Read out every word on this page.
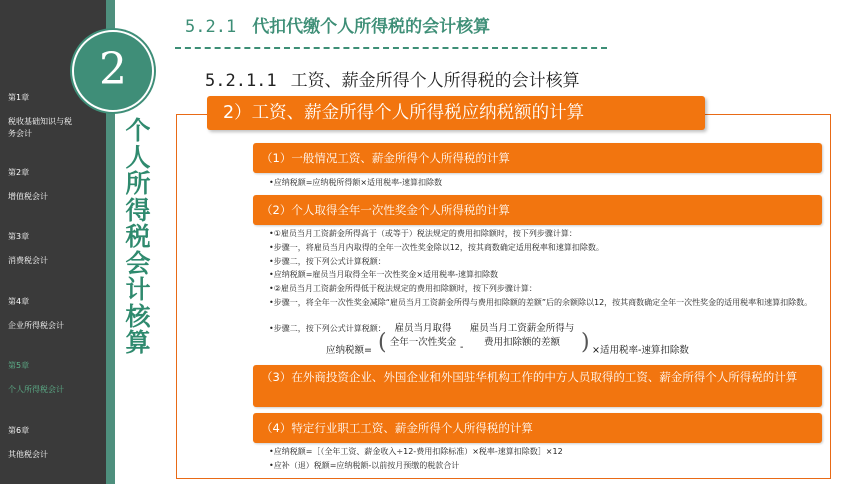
第1章
税收基础知识与税务会计
第2章
增值税会计
第3章
消费税会计
第4章
企业所得税会计
第5章
个人所得税会计
第6章
其他税会计
2
个人所得税会计核算
5.2.1 代扣代缴个人所得税的会计核算
5.2.1.1 工资、薪金所得个人所得税的会计核算
2）工资、薪金所得个人所得税应纳税额的计算
（1）一般情况工资、薪金所得个人所得税的计算
•应纳税额=应纳税所得额×适用税率-速算扣除数
（2）个人取得全年一次性奖金个人所得税的计算
•①雇员当月工资薪金所得高于（或等于）税法规定的费用扣除额时，按下列步骤计算：
•步骤一，将雇员当月内取得的全年一次性奖金除以12，按其商数确定适用税率和速算扣除数。
•步骤二，按下列公式计算税额：
•应纳税额=雇员当月取得全年一次性奖金×适用税率-速算扣除数
•②雇员当月工资薪金所得低于税法规定的费用扣除额时，按下列步骤计算：
•步骤一，将全年一次性奖金减除“雇员当月工资薪金所得与费用扣除额的差额”后的余额除以12，按其商数确定全年一次性奖金的适用税率和速算扣除数。
•步骤二，按下列公式计算税额：
应纳税额= (
雇员当月取得
全年一次性奖金 -
雇员当月工资薪金所得与
费用扣除额的差额 ) ×适用税率-速算扣除数
（3）在外商投资企业、外国企业和外国驻华机构工作的中方人员取得的工资、薪金所得个人所得税的计算
（4）特定行业职工工资、薪金所得个人所得税的计算
•应纳税额=［（全年工资、薪金收入÷12-费用扣除标准）×税率-速算扣除数］×12
•应补（退）税额=应纳税额-以前按月预缴的税款合计
